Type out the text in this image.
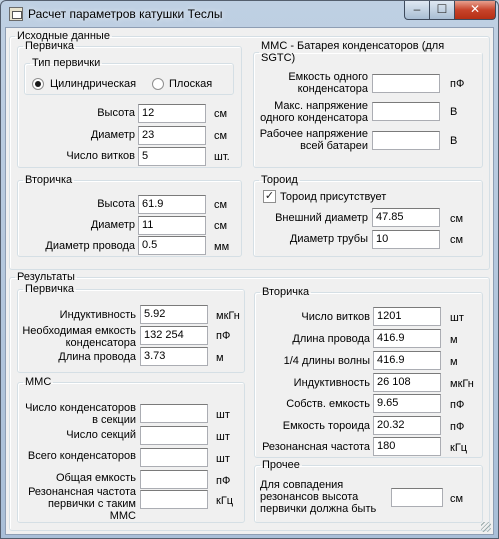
Расчет параметров катушки Теслы	–	☐	✕
Исходные данные
Первичка
Тип первички
Цилиндрическая	Плоская
Высота 12	см
Диаметр 23	см
Число витков 5	шт.
ММС - Батарея конденсаторов (для SGTC)
Емкость одного конденсатора	пФ
Макс. напряжение одного конденсатора	В
Рабочее напряжение всей батареи	В
Вторичка
Высота 61.9	см
Диаметр 11	см
Диаметр провода 0.5	мм
Тороид
✓ Тороид присутствует
Внешний диаметр 47.85	см
Диаметр трубы 10	см
Результаты
Первичка
Индуктивность 5.92	мкГн
Необходимая емкость конденсатора
132 254	пФ
Длина провода 3.73	м
ММС
Число конденсаторов в секции	шт
Число секций	шт
Всего конденсаторов	шт
Общая емкость	пФ
Резонансная частота первички с таким ММС
кГц
Вторичка
Число витков 1201	шт
Длина провода 416.9	м
1/4 длины волны 416.9	м
Индуктивность 26 108	мкГн
Собств. емкость 9.65	пФ
Емкость тороида 20.32	пФ
Резонансная частота 180	кГц
Прочее
Для совпадения резонансов высота первички должна быть
см
